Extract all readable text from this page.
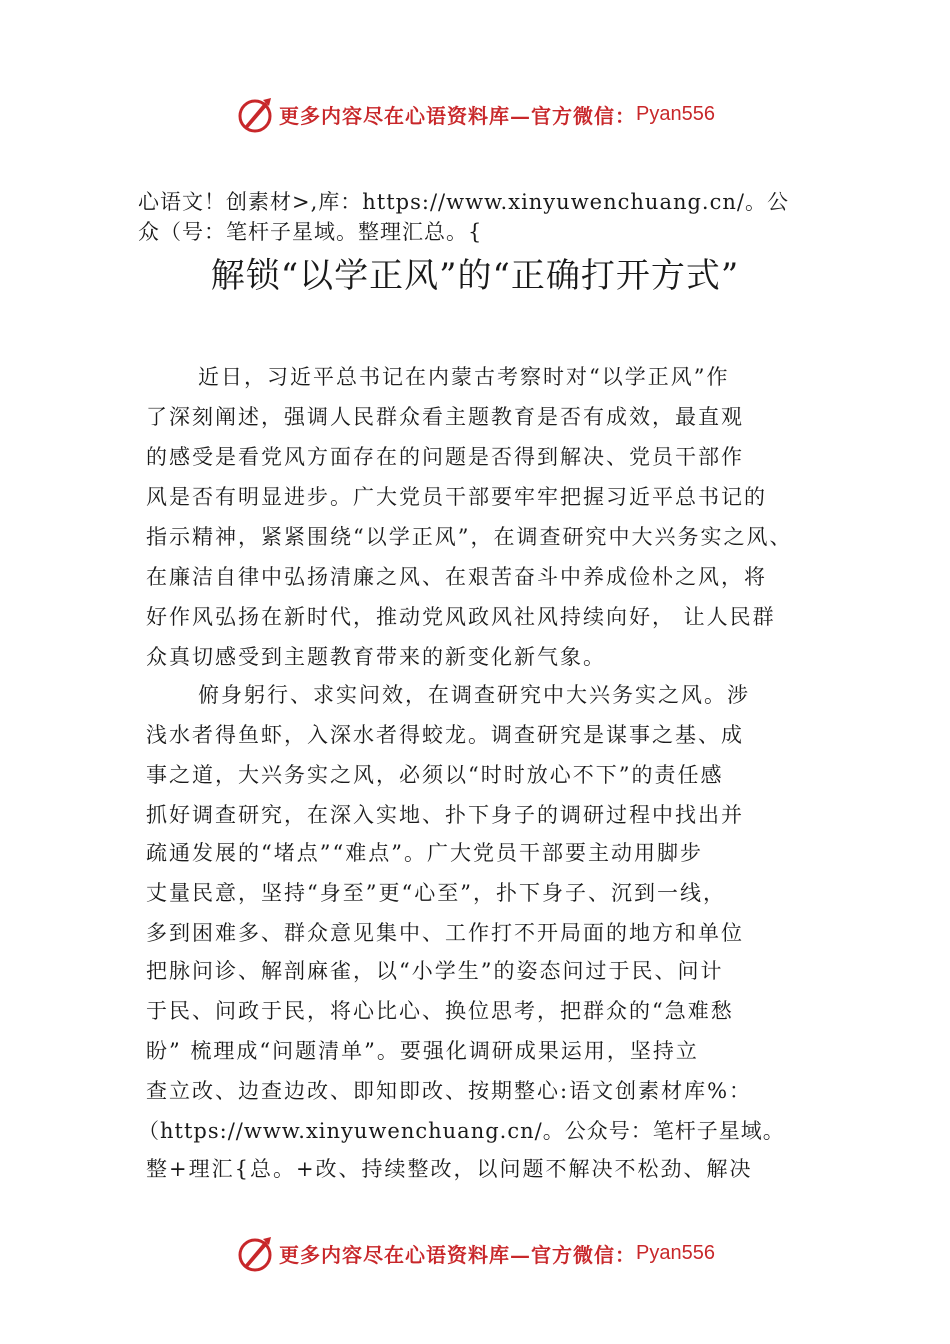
更多内容尽在心语资料库—官方微信： Pyan556
心语文！创素材>,库：https://www.xinyuwenchuang.cn/。公
众（号：笔杆子星域。整理汇总。{
解锁“以学正风”的“正确打开方式”
近日，习近平总书记在内蒙古考察时对“以学正风”作
了深刻阐述，强调人民群众看主题教育是否有成效，最直观
的感受是看党风方面存在的问题是否得到解决、党员干部作
风是否有明显进步。广大党员干部要牢牢把握习近平总书记的
指示精神，紧紧围绕“以学正风”，在调查研究中大兴务实之风、
在廉洁自律中弘扬清廉之风、在艰苦奋斗中养成俭朴之风，将
好作风弘扬在新时代，推动党风政风社风持续向好， 让人民群
众真切感受到主题教育带来的新变化新气象。
俯身躬行、求实问效，在调查研究中大兴务实之风。涉
浅水者得鱼虾，入深水者得蛟龙。调查研究是谋事之基、成
事之道，大兴务实之风，必须以“时时放心不下”的责任感
抓好调查研究，在深入实地、扑下身子的调研过程中找出并
疏通发展的“堵点”“难点”。广大党员干部要主动用脚步
丈量民意，坚持“身至”更“心至”，扑下身子、沉到一线，
多到困难多、群众意见集中、工作打不开局面的地方和单位
把脉问诊、解剖麻雀，以“小学生”的姿态问过于民、问计
于民、问政于民，将心比心、换位思考，把群众的“急难愁
盼” 梳理成“问题清单”。要强化调研成果运用，坚持立
查立改、边查边改、即知即改、按期整心:语文创素材库%：
（https://www.xinyuwenchuang.cn/。公众号：笔杆子星域。
整+理汇{总。+改、持续整改，以问题不解决不松劲、解决
更多内容尽在心语资料库—官方微信： Pyan556
